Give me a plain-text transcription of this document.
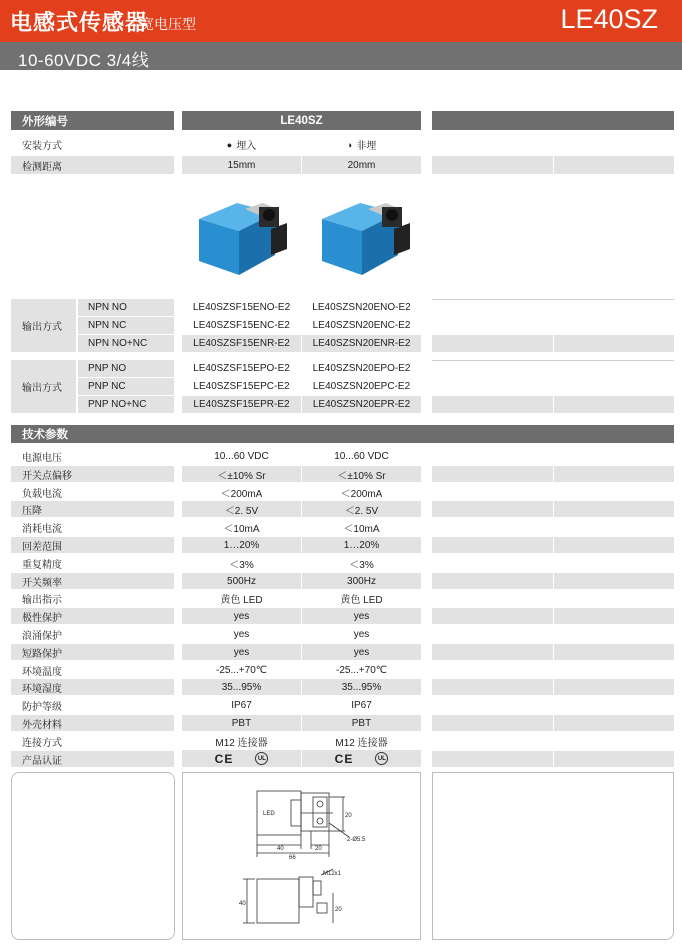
电感式传感器
宽电压型	LE40SZ
10-60VDC 3/4线
外形编号	LE40SZ
安装方式	● 埋入	◑ 非埋
检测距离	15mm	20mm
输出方式
NPN NO	LE40SZSF15ENO-E2	LE40SZSN20ENO-E2
NPN NC	LE40SZSF15ENC-E2	LE40SZSN20ENC-E2
NPN NO+NC	LE40SZSF15ENR-E2	LE40SZSN20ENR-E2
输出方式
PNP NO	LE40SZSF15EPO-E2	LE40SZSN20EPO-E2
PNP NC	LE40SZSF15EPC-E2	LE40SZSN20EPC-E2
PNP NO+NC	LE40SZSF15EPR-E2	LE40SZSN20EPR-E2
技术参数
电源电压	10...60 VDC	10...60 VDC
开关点偏移	＜±10% Sr	＜±10% Sr
负载电流	＜200mA	＜200mA
压降	＜2. 5V	＜2. 5V
消耗电流	＜10mA	＜10mA
回差范围	1…20%	1…20%
重复精度	＜3%	＜3%
开关频率	500Hz	300Hz
输出指示	黄色 LED	黄色 LED
极性保护	yes	yes
浪涌保护	yes	yes
短路保护	yes	yes
环境温度	-25...+70℃	-25...+70℃
环境湿度	35...95%	35...95%
防护等级	IP67	IP67
外壳材料	PBT	PBT
连接方式	M12 连接器	M12 连接器
产品认证	CE	UL	CE	UL
LED
40
66
20
20
2-Ø5.5
M12x1
40
20
